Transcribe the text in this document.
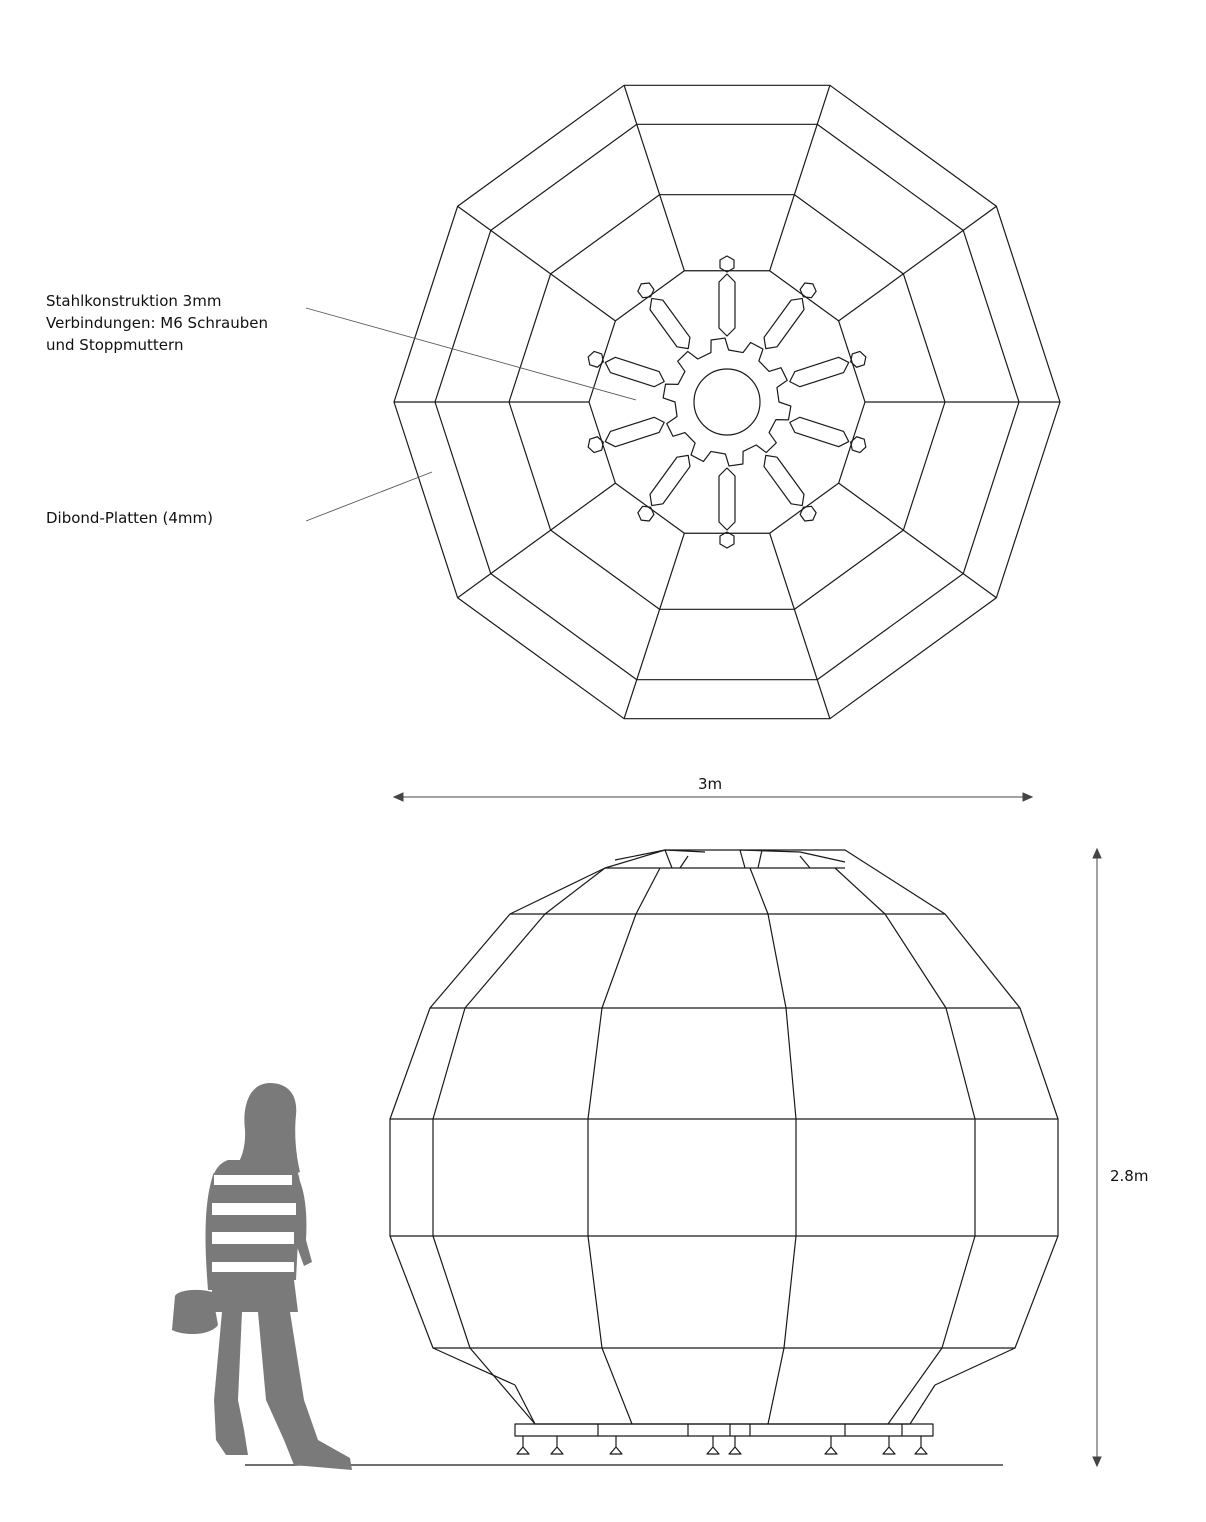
Stahlkonstruktion 3mm
Verbindungen: M6 Schrauben
und Stoppmuttern
Dibond-Platten (4mm)
3m
2.8m
